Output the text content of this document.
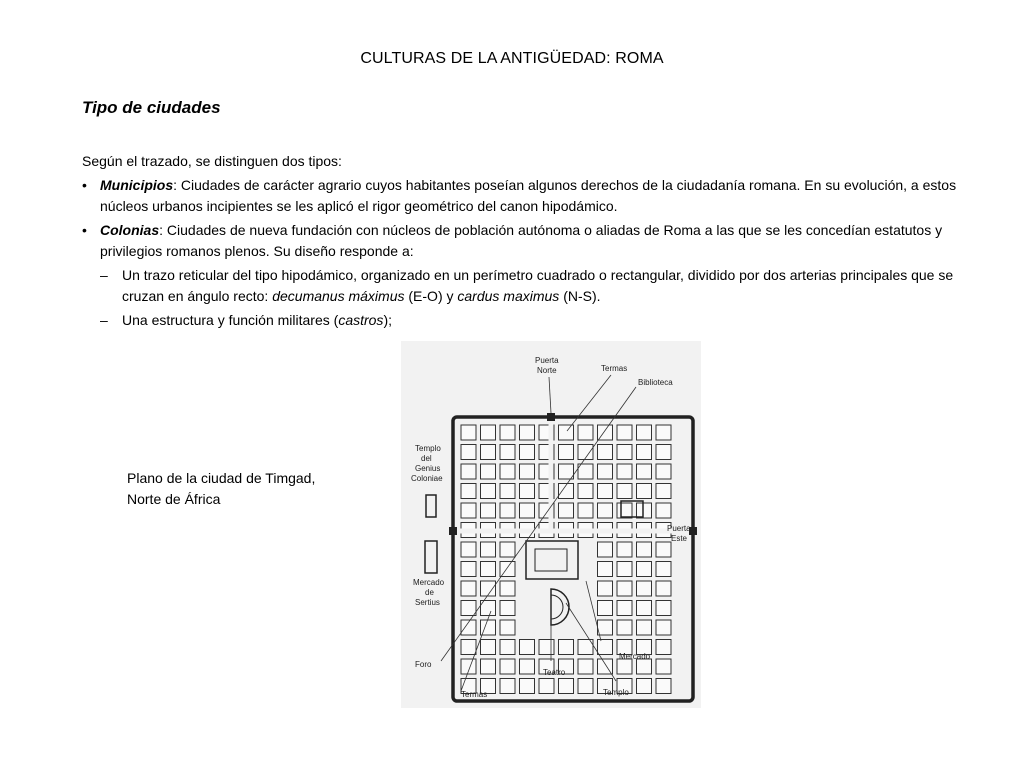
CULTURAS DE LA ANTIGÜEDAD: ROMA
Tipo de ciudades

Según el trazado, se distinguen dos tipos:

• Municipios: Ciudades de carácter agrario cuyos habitantes poseían algunos derechos de la ciudadanía romana. En su evolución, a estos núcleos urbanos incipientes se les aplicó el rigor geométrico del canon hipodámico.
• Colonias: Ciudades de nueva fundación con núcleos de población autónoma o aliadas de Roma a las que se les concedían estatutos y privilegios romanos plenos. Su diseño responde a:
– Un trazo reticular del tipo hipodámico, organizado en un perímetro cuadrado o rectangular, dividido por dos arterias principales que se cruzan en ángulo recto: decumanus máximus (E-O) y cardus maximus (N-S).
– Una estructura y función militares (castros);
Plano de la ciudad de Timgad,
Norte de África
Puerta
Norte	Termas
Biblioteca
Templo
del
Genius
Coloniae
Puerta
Este
Mercado
de
Sertius
Foro
Teatro
Mercado
Termas	Templo
